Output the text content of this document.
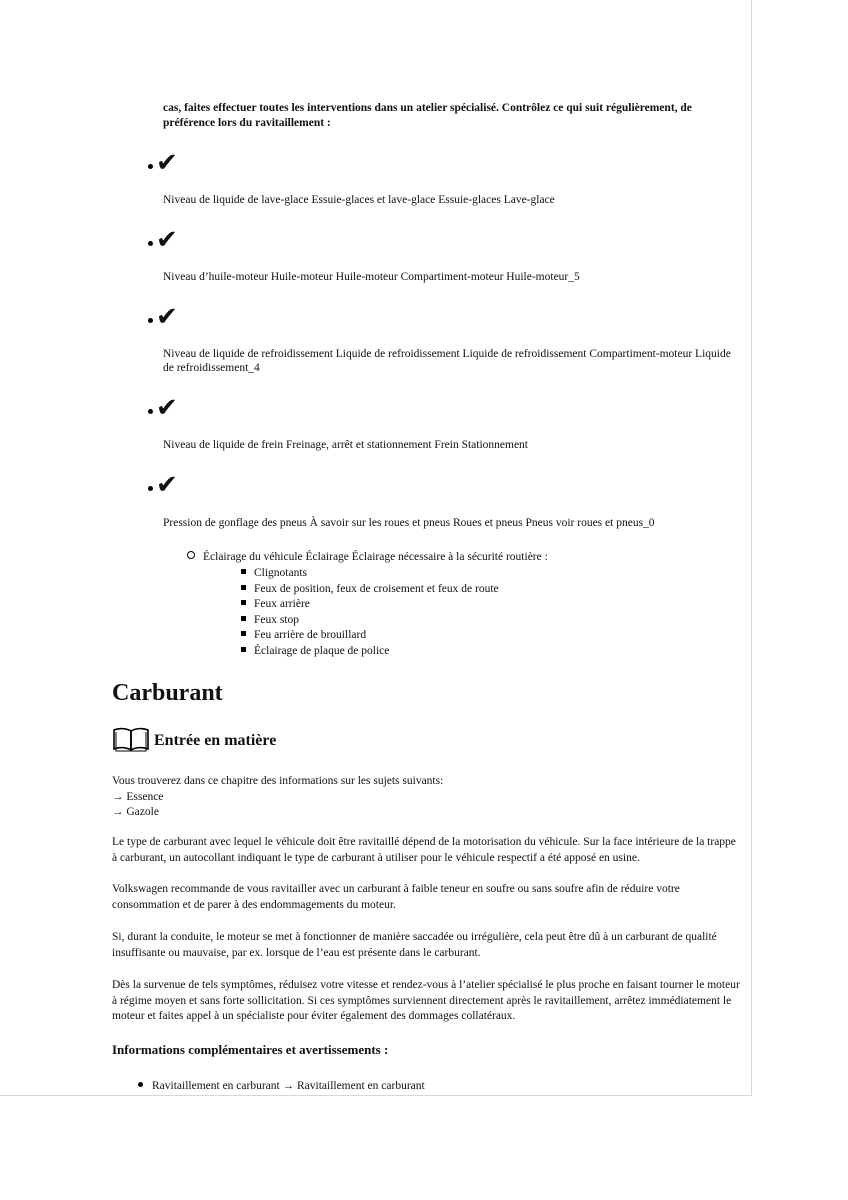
cas, faites effectuer toutes les interventions dans un atelier spécialisé. Contrôlez ce qui suit régulièrement, de préférence lors du ravitaillement :
✔
Niveau de liquide de lave-glace Essuie-glaces et lave-glace Essuie-glaces Lave-glace
✔
Niveau d’huile-moteur Huile-moteur Huile-moteur Compartiment-moteur Huile-moteur_5
✔
Niveau de liquide de refroidissement Liquide de refroidissement Liquide de refroidissement Compartiment-moteur Liquide de refroidissement_4
✔
Niveau de liquide de frein Freinage, arrêt et stationnement Frein Stationnement
✔
Pression de gonflage des pneus À savoir sur les roues et pneus Roues et pneus Pneus voir roues et pneus_0
Éclairage du véhicule Éclairage Éclairage nécessaire à la sécurité routière :
Clignotants
Feux de position, feux de croisement et feux de route
Feux arrière
Feux stop
Feu arrière de brouillard
Éclairage de plaque de police
Carburant
Entrée en matière
Vous trouverez dans ce chapitre des informations sur les sujets suivants:
→ Essence
→ Gazole
Le type de carburant avec lequel le véhicule doit être ravitaillé dépend de la motorisation du véhicule. Sur la face intérieure de la trappe à carburant, un autocollant indiquant le type de carburant à utiliser pour le véhicule respectif a été apposé en usine.
Volkswagen recommande de vous ravitailler avec un carburant à faible teneur en soufre ou sans soufre afin de réduire votre consommation et de parer à des endommagements du moteur.
Si, durant la conduite, le moteur se met à fonctionner de manière saccadée ou irrégulière, cela peut être dû à un carburant de qualité insuffisante ou mauvaise, par ex. lorsque de l’eau est présente dans le carburant.
Dès la survenue de tels symptômes, réduisez votre vitesse et rendez-vous à l’atelier spécialisé le plus proche en faisant tourner le moteur à régime moyen et sans forte sollicitation. Si ces symptômes surviennent directement après le ravitaillement, arrêtez immédiatement le moteur et faites appel à un spécialiste pour éviter également des dommages collatéraux.
Informations complémentaires et avertissements :
Ravitaillement en carburant → Ravitaillement en carburant
